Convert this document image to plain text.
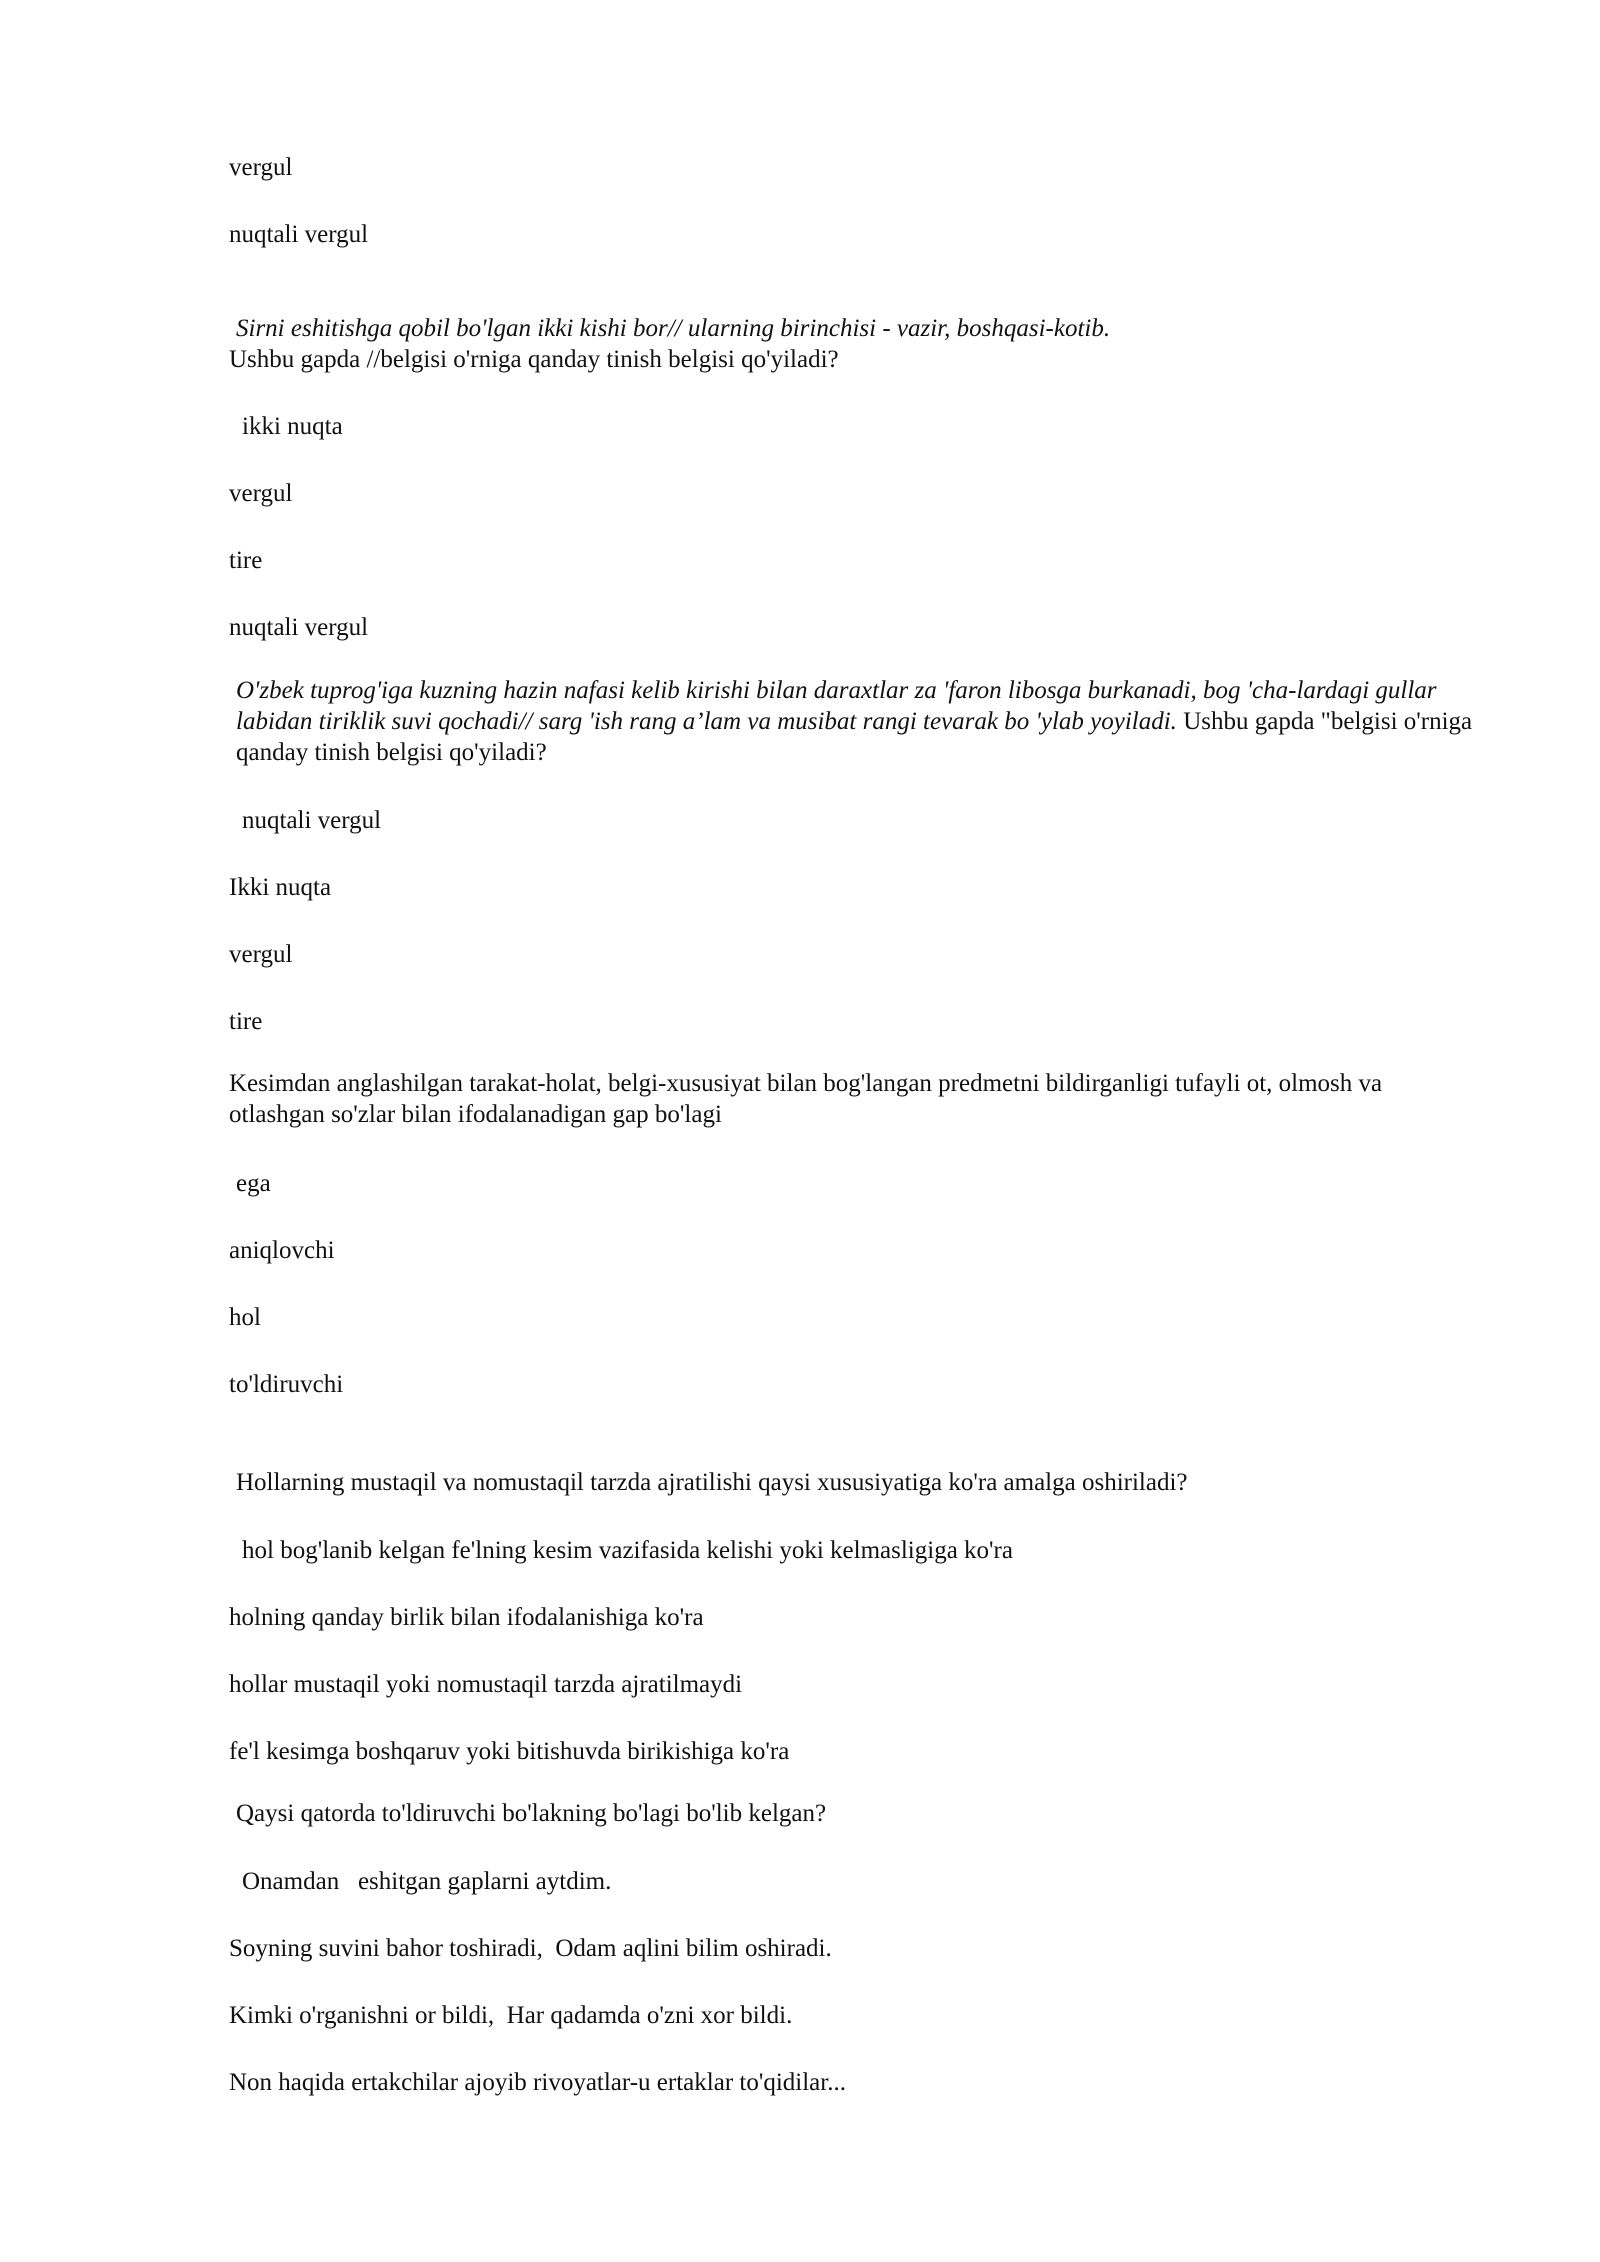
vergul

nuqtali vergul

Sirni eshitishga qobil bo'lgan ikki kishi bor// ularning birinchisi - vazir, boshqasi-kotib.

Ushbu gapda //belgisi o'rniga qanday tinish belgisi qo'yiladi?

ikki nuqta

vergul

tire

nuqtali vergul

O'zbek tuprog'iga kuzning hazin nafasi kelib kirishi bilan daraxtlar za 'faron libosga burkanadi, bog 'cha-lardagi gullar labidan tiriklik suvi qochadi// sarg 'ish rang a’lam va musibat rangi tevarak bo 'ylab yoyiladi. Ushbu gapda "belgisi o'rniga qanday tinish belgisi qo'yiladi?

nuqtali vergul

Ikki nuqta

vergul

tire

Kesimdan anglashilgan tarakat-holat, belgi-xususiyat bilan bog'langan predmetni bildirganligi tufayli ot, olmosh va otlashgan so'zlar bilan ifodalanadigan gap bo'lagi

ega

aniqlovchi

hol

to'ldiruvchi

Hollarning mustaqil va nomustaqil tarzda ajratilishi qaysi xususiyatiga ko'ra amalga oshiriladi?

hol bog'lanib kelgan fe'lning kesim vazifasida kelishi yoki kelmasligiga ko'ra

holning qanday birlik bilan ifodalanishiga ko'ra

hollar mustaqil yoki nomustaqil tarzda ajratilmaydi

fe'l kesimga boshqaruv yoki bitishuvda birikishiga ko'ra

Qaysi qatorda to'ldiruvchi bo'lakning bo'lagi bo'lib kelgan?

Onamdan   eshitgan gaplarni aytdim.

Soyning suvini bahor toshiradi,  Odam aqlini bilim oshiradi.

Kimki o'rganishni or bildi,  Har qadamda o'zni xor bildi.

Non haqida ertakchilar ajoyib rivoyatlar-u ertaklar to'qidilar...
